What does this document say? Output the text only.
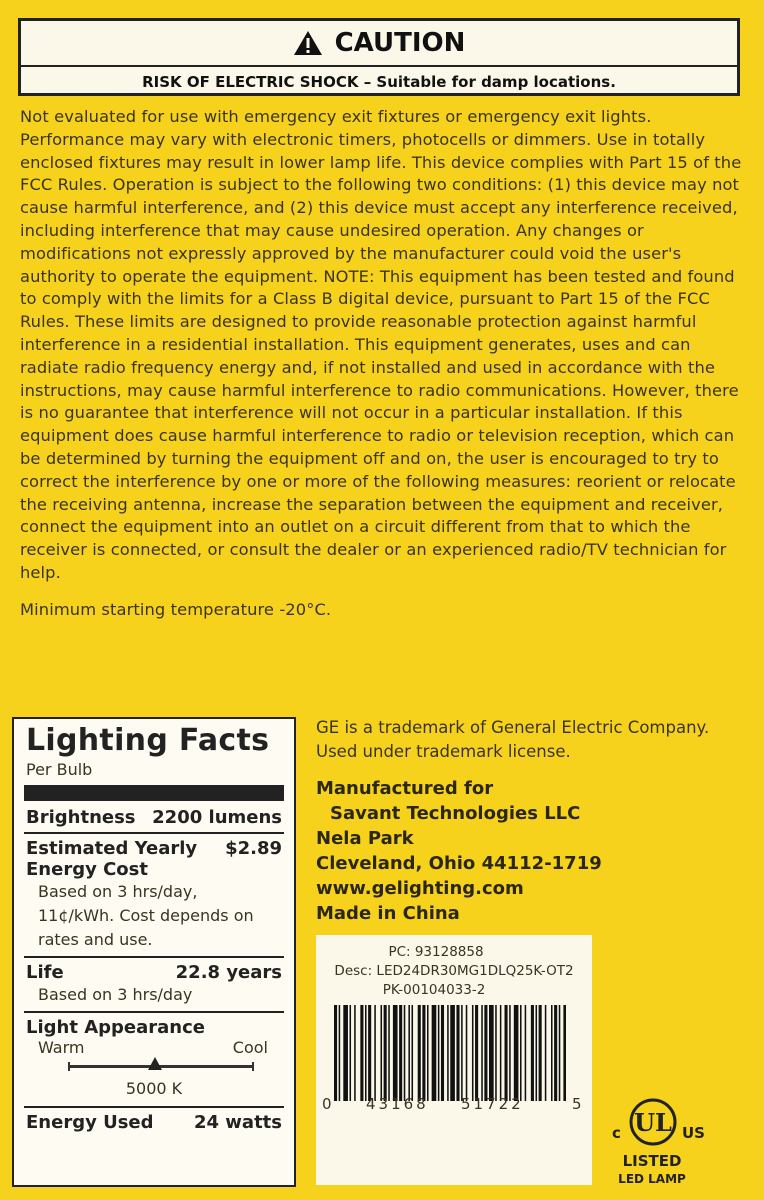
CAUTION
RISK OF ELECTRIC SHOCK – Suitable for damp locations.

Not evaluated for use with emergency exit fixtures or emergency exit lights. Performance may vary with electronic timers, photocells or dimmers. Use in totally enclosed fixtures may result in lower lamp life. This device complies with Part 15 of the FCC Rules. Operation is subject to the following two conditions: (1) this device may not cause harmful interference, and (2) this device must accept any interference received, including interference that may cause undesired operation. Any changes or modifications not expressly approved by the manufacturer could void the user's authority to operate the equipment. NOTE: This equipment has been tested and found to comply with the limits for a Class B digital device, pursuant to Part 15 of the FCC Rules. These limits are designed to provide reasonable protection against harmful interference in a residential installation. This equipment generates, uses and can radiate radio frequency energy and, if not installed and used in accordance with the instructions, may cause harmful interference to radio communications. However, there is no guarantee that interference will not occur in a particular installation. If this equipment does cause harmful interference to radio or television reception, which can be determined by turning the equipment off and on, the user is encouraged to try to correct the interference by one or more of the following measures: reorient or relocate the receiving antenna, increase the separation between the equipment and receiver, connect the equipment into an outlet on a circuit different from that to which the receiver is connected, or consult the dealer or an experienced radio/TV technician for help.

Minimum starting temperature -20°C.

Lighting Facts
Per Bulb
Brightness 2200 lumens
Estimated Yearly $2.89
Energy Cost
Based on 3 hrs/day, 11¢/kWh. Cost depends on rates and use.
Life	22.8 years
Based on 3 hrs/day
Light Appearance
Warm	Cool
5000 K
Energy Used 24 watts
GE is a trademark of General Electric Company.
Used under trademark license.
Manufactured for
Savant Technologies LLC
Nela Park
Cleveland, Ohio 44112-1719
www.gelighting.com
Made in China
PC: 93128858
Desc: LED24DR30MG1DLQ25K-OT2
PK-00104033-2
0 43168 51722	5
UL
c	US
LISTED
LED LAMP
